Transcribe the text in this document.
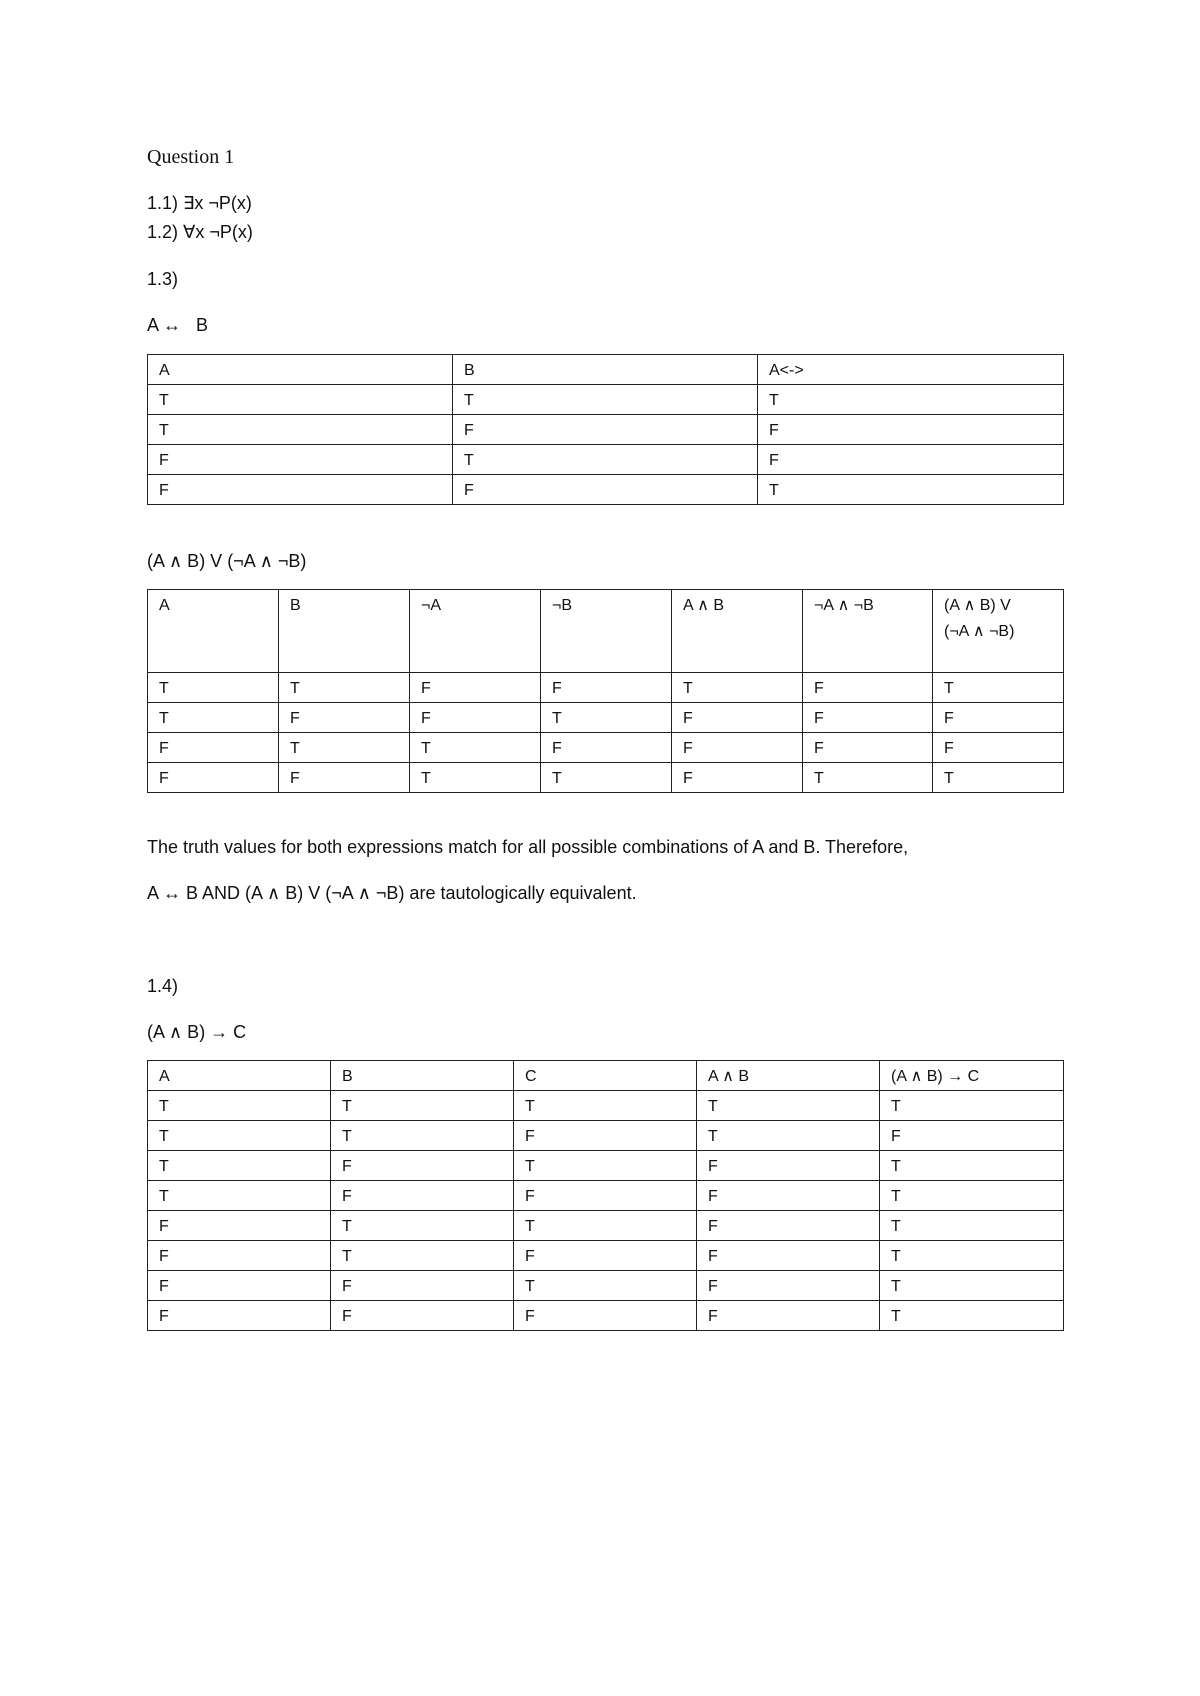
Question 1
1.1) ∃x ¬P(x)
1.2) ∀x ¬P(x)
1.3)
A ↔   B
A	B	A<->
T	T	T
T	F	F
F	T	F
F	F	T
(A ∧ B) V (¬A ∧ ¬B)
A	B	¬A	¬B	A ∧ B	¬A ∧ ¬B	(A ∧ B) V
(¬A ∧ ¬B)
T	T	F	F	T	F	T
T	F	F	T	F	F	F
F	T	T	F	F	F	F
F	F	T	T	F	T	T
The truth values for both expressions match for all possible combinations of A and B. Therefore,
A ↔ B AND (A ∧ B) V (¬A ∧ ¬B) are tautologically equivalent.
1.4)
(A ∧ B) → C
A	B	C	A ∧ B	(A ∧ B) → C
T	T	T	T	T
T	T	F	T	F
T	F	T	F	T
T	F	F	F	T
F	T	T	F	T
F	T	F	F	T
F	F	T	F	T
F	F	F	F	T
